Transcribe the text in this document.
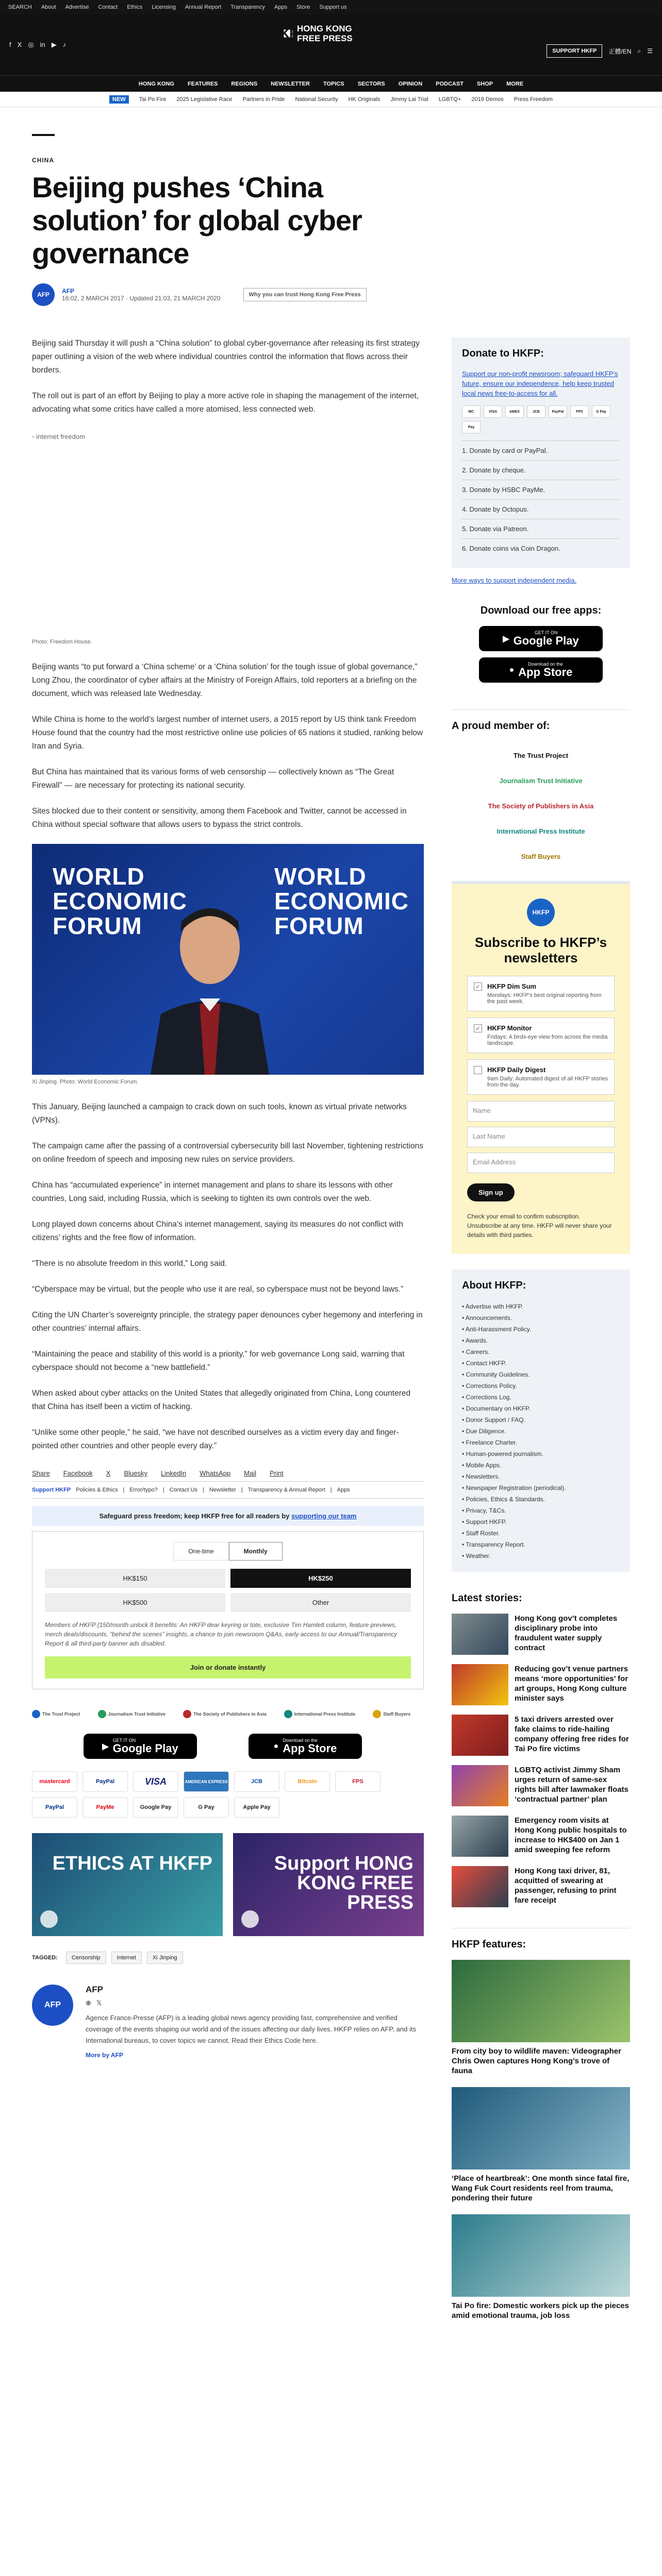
SEARCH About Advertise Contact Ethics Licensing Annual Report Transparency Apps Store Support us
f X ◎ in ▶ ♪
HKFP
HONG KONG
FREE PRESS
SUPPORT HKFP	正體/EN ⌕ ☰
HONG KONG FEATURES REGIONS NEWSLETTER TOPICS SECTORS OPINION PODCAST SHOP MORE
NEW	Tai Po Fire 2025 Legislative Race Partners in Pride National Security HK Originals Jimmy Lai Trial LGBTQ+ 2019 Demos Press Freedom
CHINA
Beijing pushes ‘China solution’ for global cyber governance
AFP	AFP
16:02, 2 MARCH 2017 · Updated 21:03, 21 MARCH 2020	Why you can trust Hong Kong Free Press

Beijing said Thursday it will push a “China solution” to global cyber-governance after releasing its first strategy paper outlining a vision of the web where individual countries control the information that flows across their borders.

The roll out is part of an effort by Beijing to play a more active role in shaping the management of the internet, advocating what some critics have called a more atomised, less connected web.

▫ internet freedom
Photo: Freedom House.

Beijing wants “to put forward a ‘China scheme’ or a ‘China solution’ for the tough issue of global governance,” Long Zhou, the coordinator of cyber affairs at the Ministry of Foreign Affairs, told reporters at a briefing on the document, which was released late Wednesday.

While China is home to the world’s largest number of internet users, a 2015 report by US think tank Freedom House found that the country had the most restrictive online use policies of 65 nations it studied, ranking below Iran and Syria.

But China has maintained that its various forms of web censorship — collectively known as “The Great Firewall” — are necessary for protecting its national security.

Sites blocked due to their content or sensitivity, among them Facebook and Twitter, cannot be accessed in China without special software that allows users to bypass the strict controls.

WORLD
ECONOMIC
FORUM
WORLD
ECONOMIC
FORUM
Xi Jinping. Photo: World Economic Forum.

This January, Beijing launched a campaign to crack down on such tools, known as virtual private networks (VPNs).

The campaign came after the passing of a controversial cybersecurity bill last November, tightening restrictions on online freedom of speech and imposing new rules on service providers.

China has “accumulated experience” in internet management and plans to share its lessons with other countries, Long said, including Russia, which is seeking to tighten its own controls over the web.

Long played down concerns about China’s internet management, saying its measures do not conflict with citizens’ rights and the free flow of information.

“There is no absolute freedom in this world,” Long said.

“Cyberspace may be virtual, but the people who use it are real, so cyberspace must not be beyond laws.”

Citing the UN Charter’s sovereignty principle, the strategy paper denounces cyber hegemony and interfering in other countries’ internal affairs.

“Maintaining the peace and stability of this world is a priority,” for web governance Long said, warning that cyberspace should not become a “new battlefield.”

When asked about cyber attacks on the United States that allegedly originated from China, Long countered that China has itself been a victim of hacking.

“Unlike some other people,” he said, “we have not described ourselves as a victim every day and finger-pointed other countries and other people every day.”

Share Facebook X Bluesky LinkedIn WhatsApp Mail Print
Support HKFP Policies & Ethics | Error/typo? | Contact Us | Newsletter | Transparency & Annual Report | Apps
Safeguard press freedom; keep HKFP free for all readers by supporting our team
One-time	Monthly
HK$150	HK$250
HK$500	Other
Members of HKFP (150/month unlock 8 benefits: An HKFP dear keyring or tote, exclusive Tim Hamlett column, feature previews, merch deals/discounts, “behind the scenes” insights, a chance to join newsroom Q&As, early access to our Annual/Transparency Report & all third-party banner ads disabled.
Join or donate instantly
The Trust Project	Journalism Trust Initiative	The Society of Publishers in Asia	International Press Institute	Staff Buyers
▶
GET IT ON
Google Play	●
Download on the
App Store
mastercard	PayPal	VISA	AMERICAN EXPRESS	JCB	Bitcoin	FPS
PayPal	PayMe	Google Pay	G Pay	Apple Pay
ETHICS AT HKFP	Support HONG KONG FREE PRESS
TAGGED:	Censorship	Internet	Xi Jinping
AFP
AFP
⊕ 𝕏

Agence France-Presse (AFP) is a leading global news agency providing fast, comprehensive and verified coverage of the events shaping our world and of the issues affecting our daily lives. HKFP relies on AFP, and its International bureaus, to cover topics we cannot. Read their Ethics Code here.

More by AFP
Donate to HKFP:

Support our non-profit newsroom; safeguard HKFP’s future, ensure our independence, help keep trusted local news free-to-access for all.

MC	VISA	AMEX	JCB	PayPal	FPS	G Pay
Pay
1. Donate by card or PayPal.
2. Donate by cheque.
3. Donate by HSBC PayMe.
4. Donate by Octopus.
5. Donate via Patreon.
6. Donate coins via Coin Dragon.
More ways to support independent media.
Download our free apps:
▶
GET IT ON
Google Play

●
Download on the
App Store
A proud member of:
The Trust Project
Journalism Trust Initiative
The Society of Publishers in Asia
International Press Institute
Staff Buyers
HKFP
Subscribe to HKFP’s newsletters
✓ HKFP Dim Sum
Mondays: HKFP's best original reporting from the past week.
✓ HKFP Monitor
Fridays: A birds-eye view from across the media landscape.
HKFP Daily Digest
9am Daily: Automated digest of all HKFP stories from the day.
Name
Last Name
Email Address
Sign up
Check your email to confirm subscription. Unsubscribe at any time. HKFP will never share your details with third parties.
About HKFP:
• Advertise with HKFP.
• Announcements.
• Anti-Harassment Policy.
• Awards.
• Careers.
• Contact HKFP.
• Community Guidelines.
• Corrections Policy.
• Corrections Log.
• Documentary on HKFP.
• Donor Support / FAQ.
• Due Diligence.
• Freelance Charter.
• Human-powered journalism.
• Mobile Apps.
• Newsletters.
• Newspaper Registration (periodical).
• Policies, Ethics & Standards.
• Privacy, T&Cs.
• Support HKFP.
• Staff Roster.
• Transparency Report.
• Weather.
Latest stories:
Hong Kong gov’t completes disciplinary probe into fraudulent water supply contract
Reducing gov’t venue partners means ‘more opportunities’ for art groups, Hong Kong culture minister says
5 taxi drivers arrested over fake claims to ride-hailing company offering free rides for Tai Po fire victims
LGBTQ activist Jimmy Sham urges return of same-sex rights bill after lawmaker floats ‘contractual partner’ plan
Emergency room visits at Hong Kong public hospitals to increase to HK$400 on Jan 1 amid sweeping fee reform
Hong Kong taxi driver, 81, acquitted of swearing at passenger, refusing to print fare receipt
HKFP features:
From city boy to wildlife maven: Videographer Chris Owen captures Hong Kong’s trove of fauna
‘Place of heartbreak’: One month since fatal fire, Wang Fuk Court residents reel from trauma, pondering their future
Tai Po fire: Domestic workers pick up the pieces amid emotional trauma, job loss
